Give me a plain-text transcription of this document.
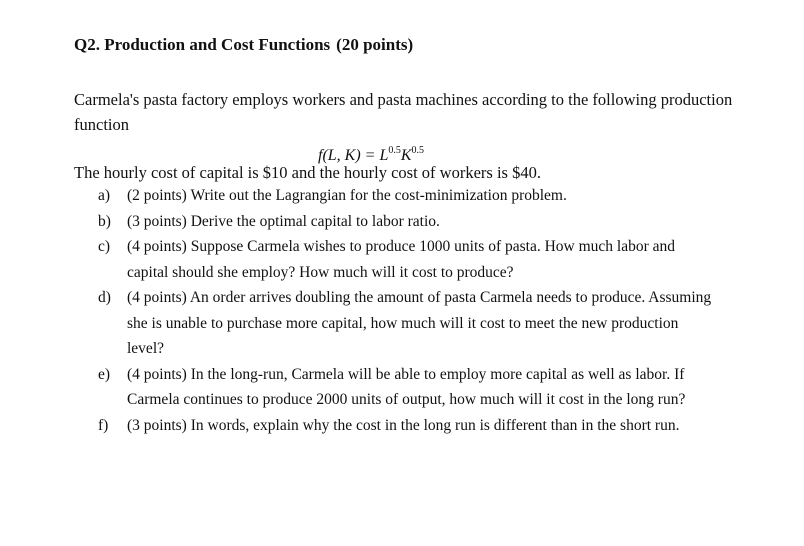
Q2. Production and Cost Functions (20 points)
Carmela's pasta factory employs workers and pasta machines according to the following production function
f(L, $K) = L^{0.5}K^{0.5}$
The hourly cost of capital is $10 and the hourly cost of workers is $40.
a)	(2 points) Write out the Lagrangian for the cost-minimization problem.
b)	(3 points) Derive the optimal capital to labor ratio.
c)	(4 points) Suppose Carmela wishes to produce 1000 units of pasta. How much labor and capital should she employ? How much will it cost to produce?
d)	(4 points) An order arrives doubling the amount of pasta Carmela needs to produce. Assuming she is unable to purchase more capital, how much will it cost to meet the new production level?
e)	(4 points) In the long-run, Carmela will be able to employ more capital as well as labor. If Carmela continues to produce 2000 units of output, how much will it cost in the long run?
f)	(3 points) In words, explain why the cost in the long run is different than in the short run.
